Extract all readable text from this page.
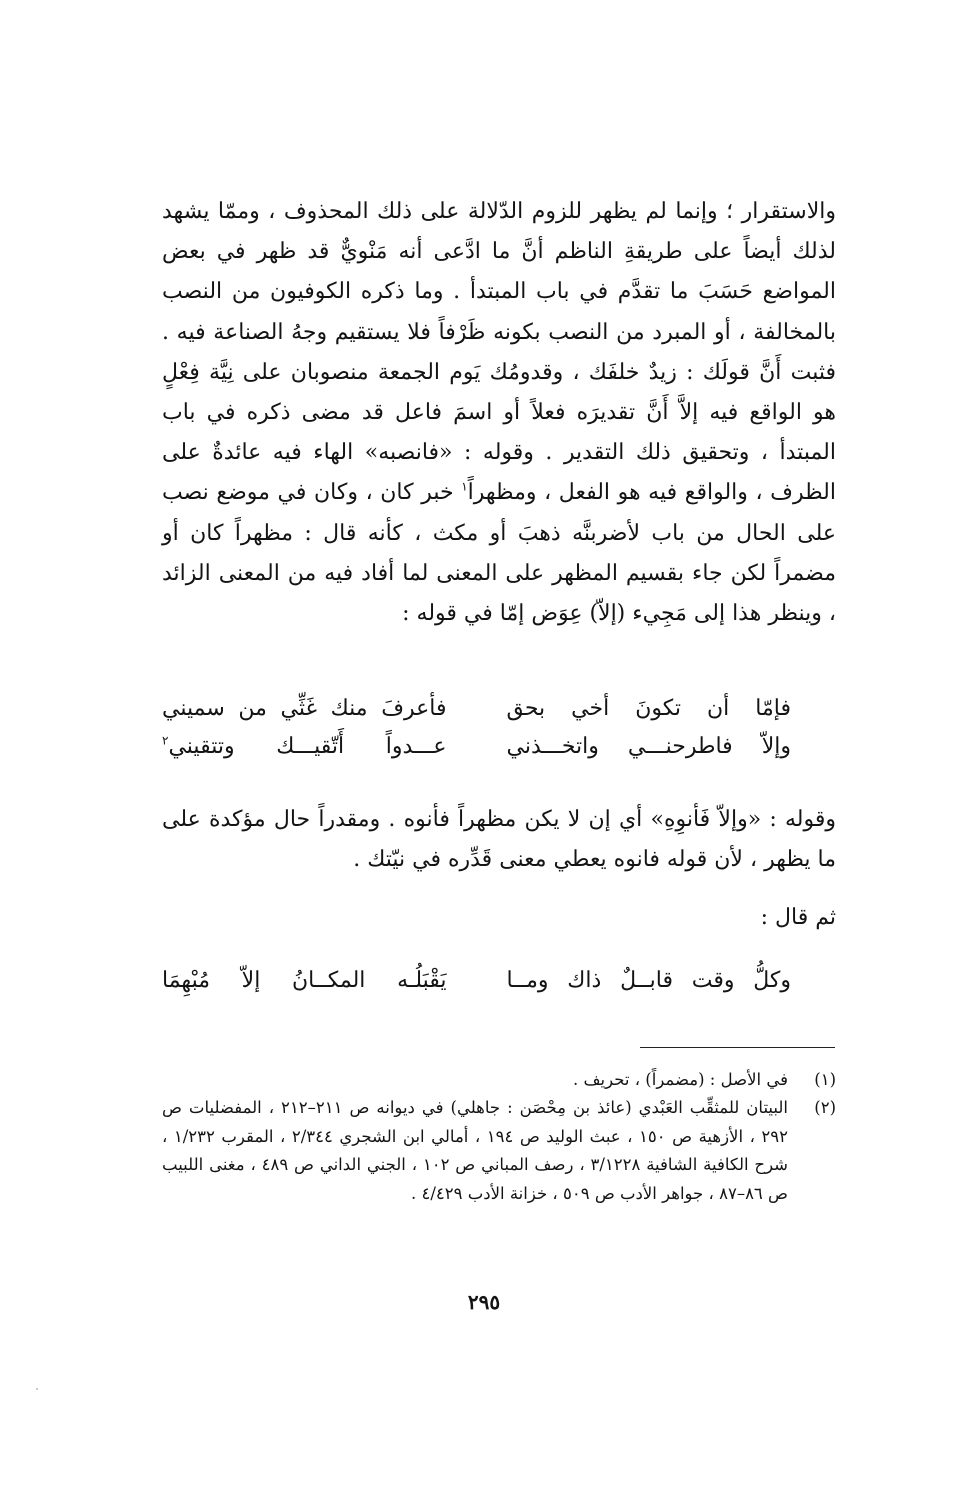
والاستقرار ؛ وإنما لم يظهر للزوم الدّلالة على ذلك المحذوف ، وممّا يشهد لذلك أيضاً على طريقةِ الناظم أنَّ ما ادَّعى أنه مَنْويٌّ قد ظهر في بعض المواضع حَسَبَ ما تقدَّم في باب المبتدأ . وما ذكره الكوفيون من النصب بالمخالفة ، أو المبرد من النصب بكونه ظَرْفاً فلا يستقيم وجهُ الصناعة فيه . فثبت أَنَّ قولَك : زيدٌ خلفَك ، وقدومُك يَوم الجمعة منصوبان على نِيَّة فِعْلٍ هو الواقع فيه إلاَّ أَنَّ تقديرَه فعلاً أو اسمَ فاعل قد مضى ذكره في باب المبتدأ ، وتحقيق ذلك التقدير . وقوله : «فانصبه» الهاء فيه عائدةٌ على الظرف ، والواقع فيه هو الفعل ، ومظهراً$^١$ خبر كان ، وكان في موضع نصب على الحال من باب لأضربنَّه ذهبَ أو مكث ، كأنه قال : مظهراً كان أو مضمراً لكن جاء بقسيم المظهر على المعنى لما أفاد فيه من المعنى الزائد ، وينظر هذا إلى مَجِيء (إلاّ) عِوَض إمّا في قوله :

فإمّا أن تكونَ أخي بحق
فأعرفَ منك غَثِّي من سميني
وإلاّ فاطرحنـــي واتخـــذني
عـــدواً أَتّقيـــك وتتقيني$^٢$

وقوله : «وإلاّ فَأنوِهِ» أي إن لا يكن مظهراً فأنوه . ومقدراً حال مؤكدة على ما يظهر ، لأن قوله فانوه يعطي معنى قَدِّره في نيّتك .

ثم قال :
وكلُّ وقت قابــلٌ ذاك ومــا
يَقْبَلُـه المكــانُ إلاّ مُبْهِمَا
(١)
في الأصل : (مضمراً) ، تحريف .
(٢)
البيتان للمثقِّب العَبْدي (عائذ بن مِحْصَن : جاهلي) في ديوانه ص ٢١١–٢١٢ ، المفضليات ص ٢٩٢ ، الأزهية ص ١٥٠ ، عبث الوليد ص ١٩٤ ، أمالي ابن الشجري ٢/٣٤٤ ، المقرب ١/٢٣٢ ، شرح الكافية الشافية ٣/١٢٢٨ ، رصف المباني ص ١٠٢ ، الجني الداني ص ٤٨٩ ، مغنى اللبيب ص ٨٦–٨٧ ، جواهر الأدب ص ٥٠٩ ، خزانة الأدب ٤/٤٢٩ .
٢٩٥
